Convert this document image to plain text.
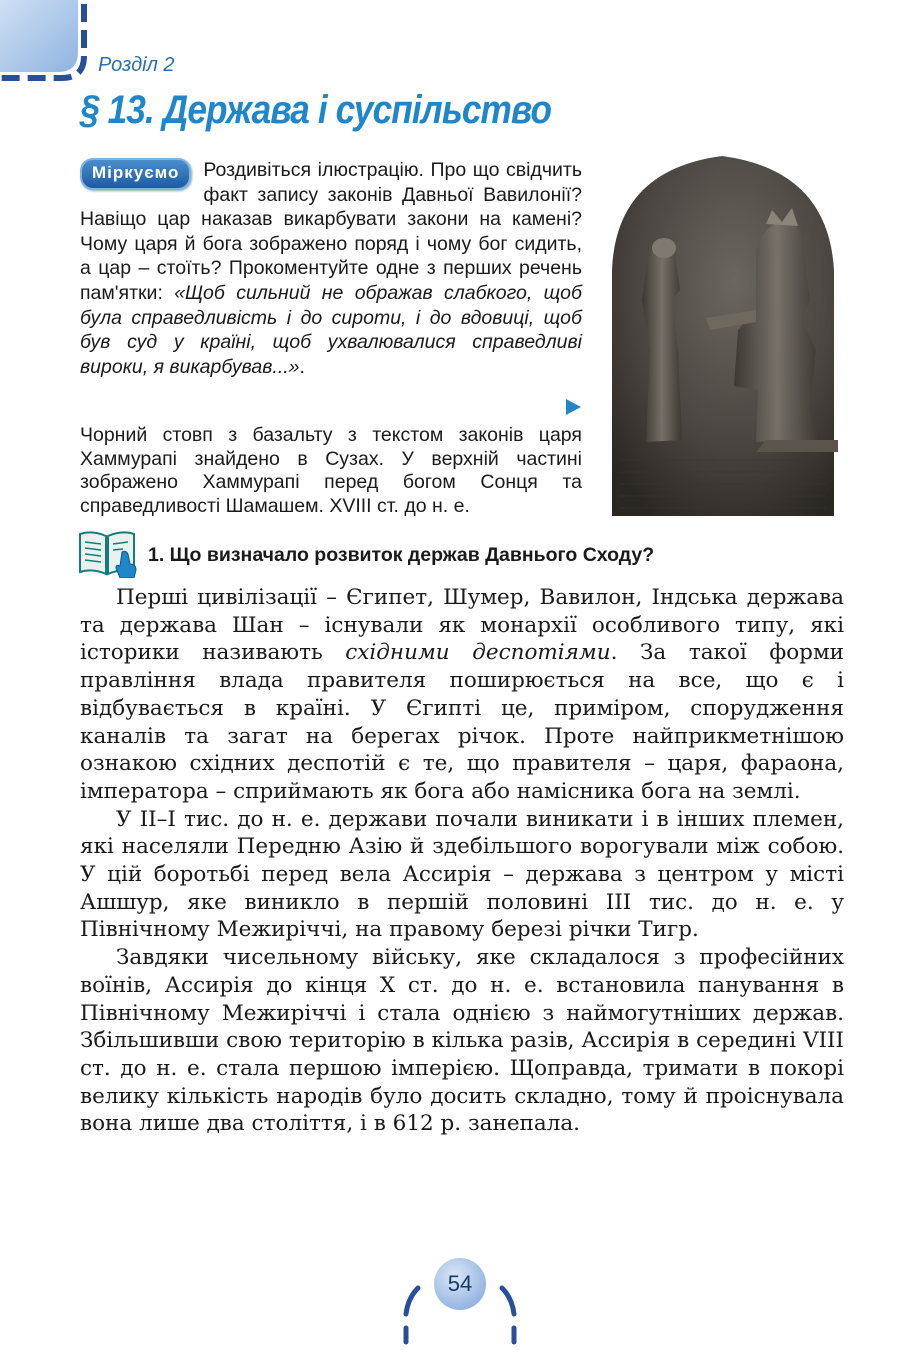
Розділ 2
§ 13. Держава і суспільство
Міркуємо	Роздивіться ілюстрацію. Про що свідчить факт запису законів Давньої Вавилонії? Навіщо цар наказав викарбувати закони на камені? Чому царя й бога зображено поряд і чому бог сидить, а цар – стоїть? Прокоментуйте одне з перших речень пам'ятки: «Щоб сильний не ображав слабкого, щоб була справедливість і до сироти, і до вдовиці, щоб був суд у країні, щоб ухвалювалися справедливі вироки, я викарбував...».
Чорний стовп з базальту з текстом законів царя Хаммурапі знайдено в Сузах. У верхній частині зображено Хаммурапі перед богом Сонця та справедливості Шамашем. XVIII ст. до н. е.
1. Що визначало розвиток держав Давнього Сходу?

Перші цивілізації – Єгипет, Шумер, Вавилон, Індська держава та держава Шан – існували як монархії особливого типу, які історики називають східними деспотіями. За такої форми правління влада правителя поширюється на все, що є і відбувається в країні. У Єгипті це, приміром, спорудження каналів та загат на берегах річок. Проте найприкметнішою ознакою східних деспотій є те, що правителя – царя, фараона, імператора – сприймають як бога або намісника бога на землі.

У II–I тис. до н. е. держави почали виникати і в інших племен, які населяли Передню Азію й здебільшого ворогували між собою. У цій боротьбі перед вела Ассирія – держава з центром у місті Ашшур, яке виникло в першій половині III тис. до н. е. у Північному Межиріччі, на правому березі річки Тигр.

Завдяки чисельному війську, яке складалося з професійних воїнів, Ассирія до кінця X ст. до н. е. встановила панування в Північному Межиріччі і стала однією з наймогутніших держав. Збільшивши свою територію в кілька разів, Ассирія в середині VIII ст. до н. е. стала першою імперією. Щоправда, тримати в покорі велику кількість народів було досить складно, тому й проіснувала вона лише два століття, і в 612 р. занепала.

54
